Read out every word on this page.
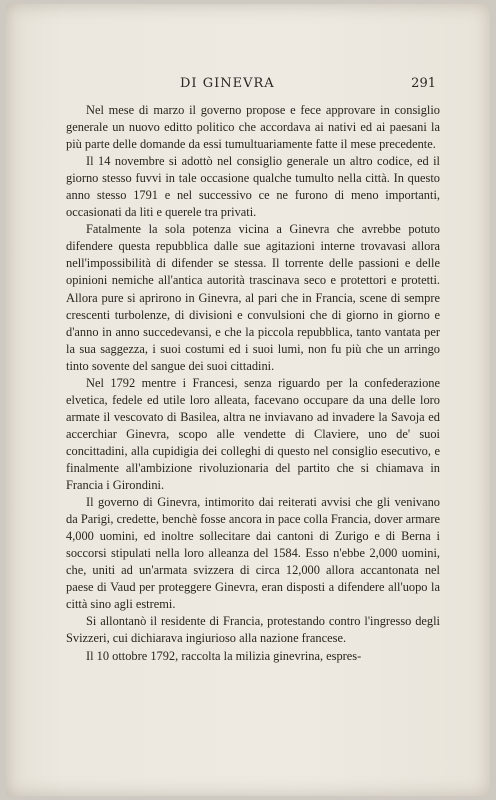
DI GINEVRA	291

Nel mese di marzo il governo propose e fece approvare in consiglio generale un nuovo editto politico che accordava ai nativi ed ai paesani la più parte delle domande da essi tumultuariamente fatte il mese precedente.

Il 14 novembre si adottò nel consiglio generale un altro codice, ed il giorno stesso fuvvi in tale occasione qualche tumulto nella città. In questo anno stesso 1791 e nel successivo ce ne furono di meno importanti, occasionati da liti e querele tra privati.

Fatalmente la sola potenza vicina a Ginevra che avrebbe potuto difendere questa repubblica dalle sue agitazioni interne trovavasi allora nell'impossibilità di difender se stessa. Il torrente delle passioni e delle opinioni nemiche all'antica autorità trascinava seco e protettori e protetti. Allora pure si aprirono in Ginevra, al pari che in Francia, scene di sempre crescenti turbolenze, di divisioni e convulsioni che di giorno in giorno e d'anno in anno succedevansi, e che la piccola repubblica, tanto vantata per la sua saggezza, i suoi costumi ed i suoi lumi, non fu più che un arringo tinto sovente del sangue dei suoi cittadini.

Nel 1792 mentre i Francesi, senza riguardo per la confederazione elvetica, fedele ed utile loro alleata, facevano occupare da una delle loro armate il vescovato di Basilea, altra ne inviavano ad invadere la Savoja ed accerchiar Ginevra, scopo alle vendette di Claviere, uno de' suoi concittadini, alla cupidigia dei colleghi di questo nel consiglio esecutivo, e finalmente all'ambizione rivoluzionaria del partito che si chiamava in Francia i Girondini.

Il governo di Ginevra, intimorito dai reiterati avvisi che gli venivano da Parigi, credette, benchè fosse ancora in pace colla Francia, dover armare 4,000 uomini, ed inoltre sollecitare dai cantoni di Zurigo e di Berna i soccorsi stipulati nella loro alleanza del 1584. Esso n'ebbe 2,000 uomini, che, uniti ad un'armata svizzera di circa 12,000 allora accantonata nel paese di Vaud per proteggere Ginevra, eran disposti a difendere all'uopo la città sino agli estremi.

Si allontanò il residente di Francia, protestando contro l'ingresso degli Svizzeri, cui dichiarava ingiurioso alla nazione francese.

Il 10 ottobre 1792, raccolta la milizia ginevrina, espres-
